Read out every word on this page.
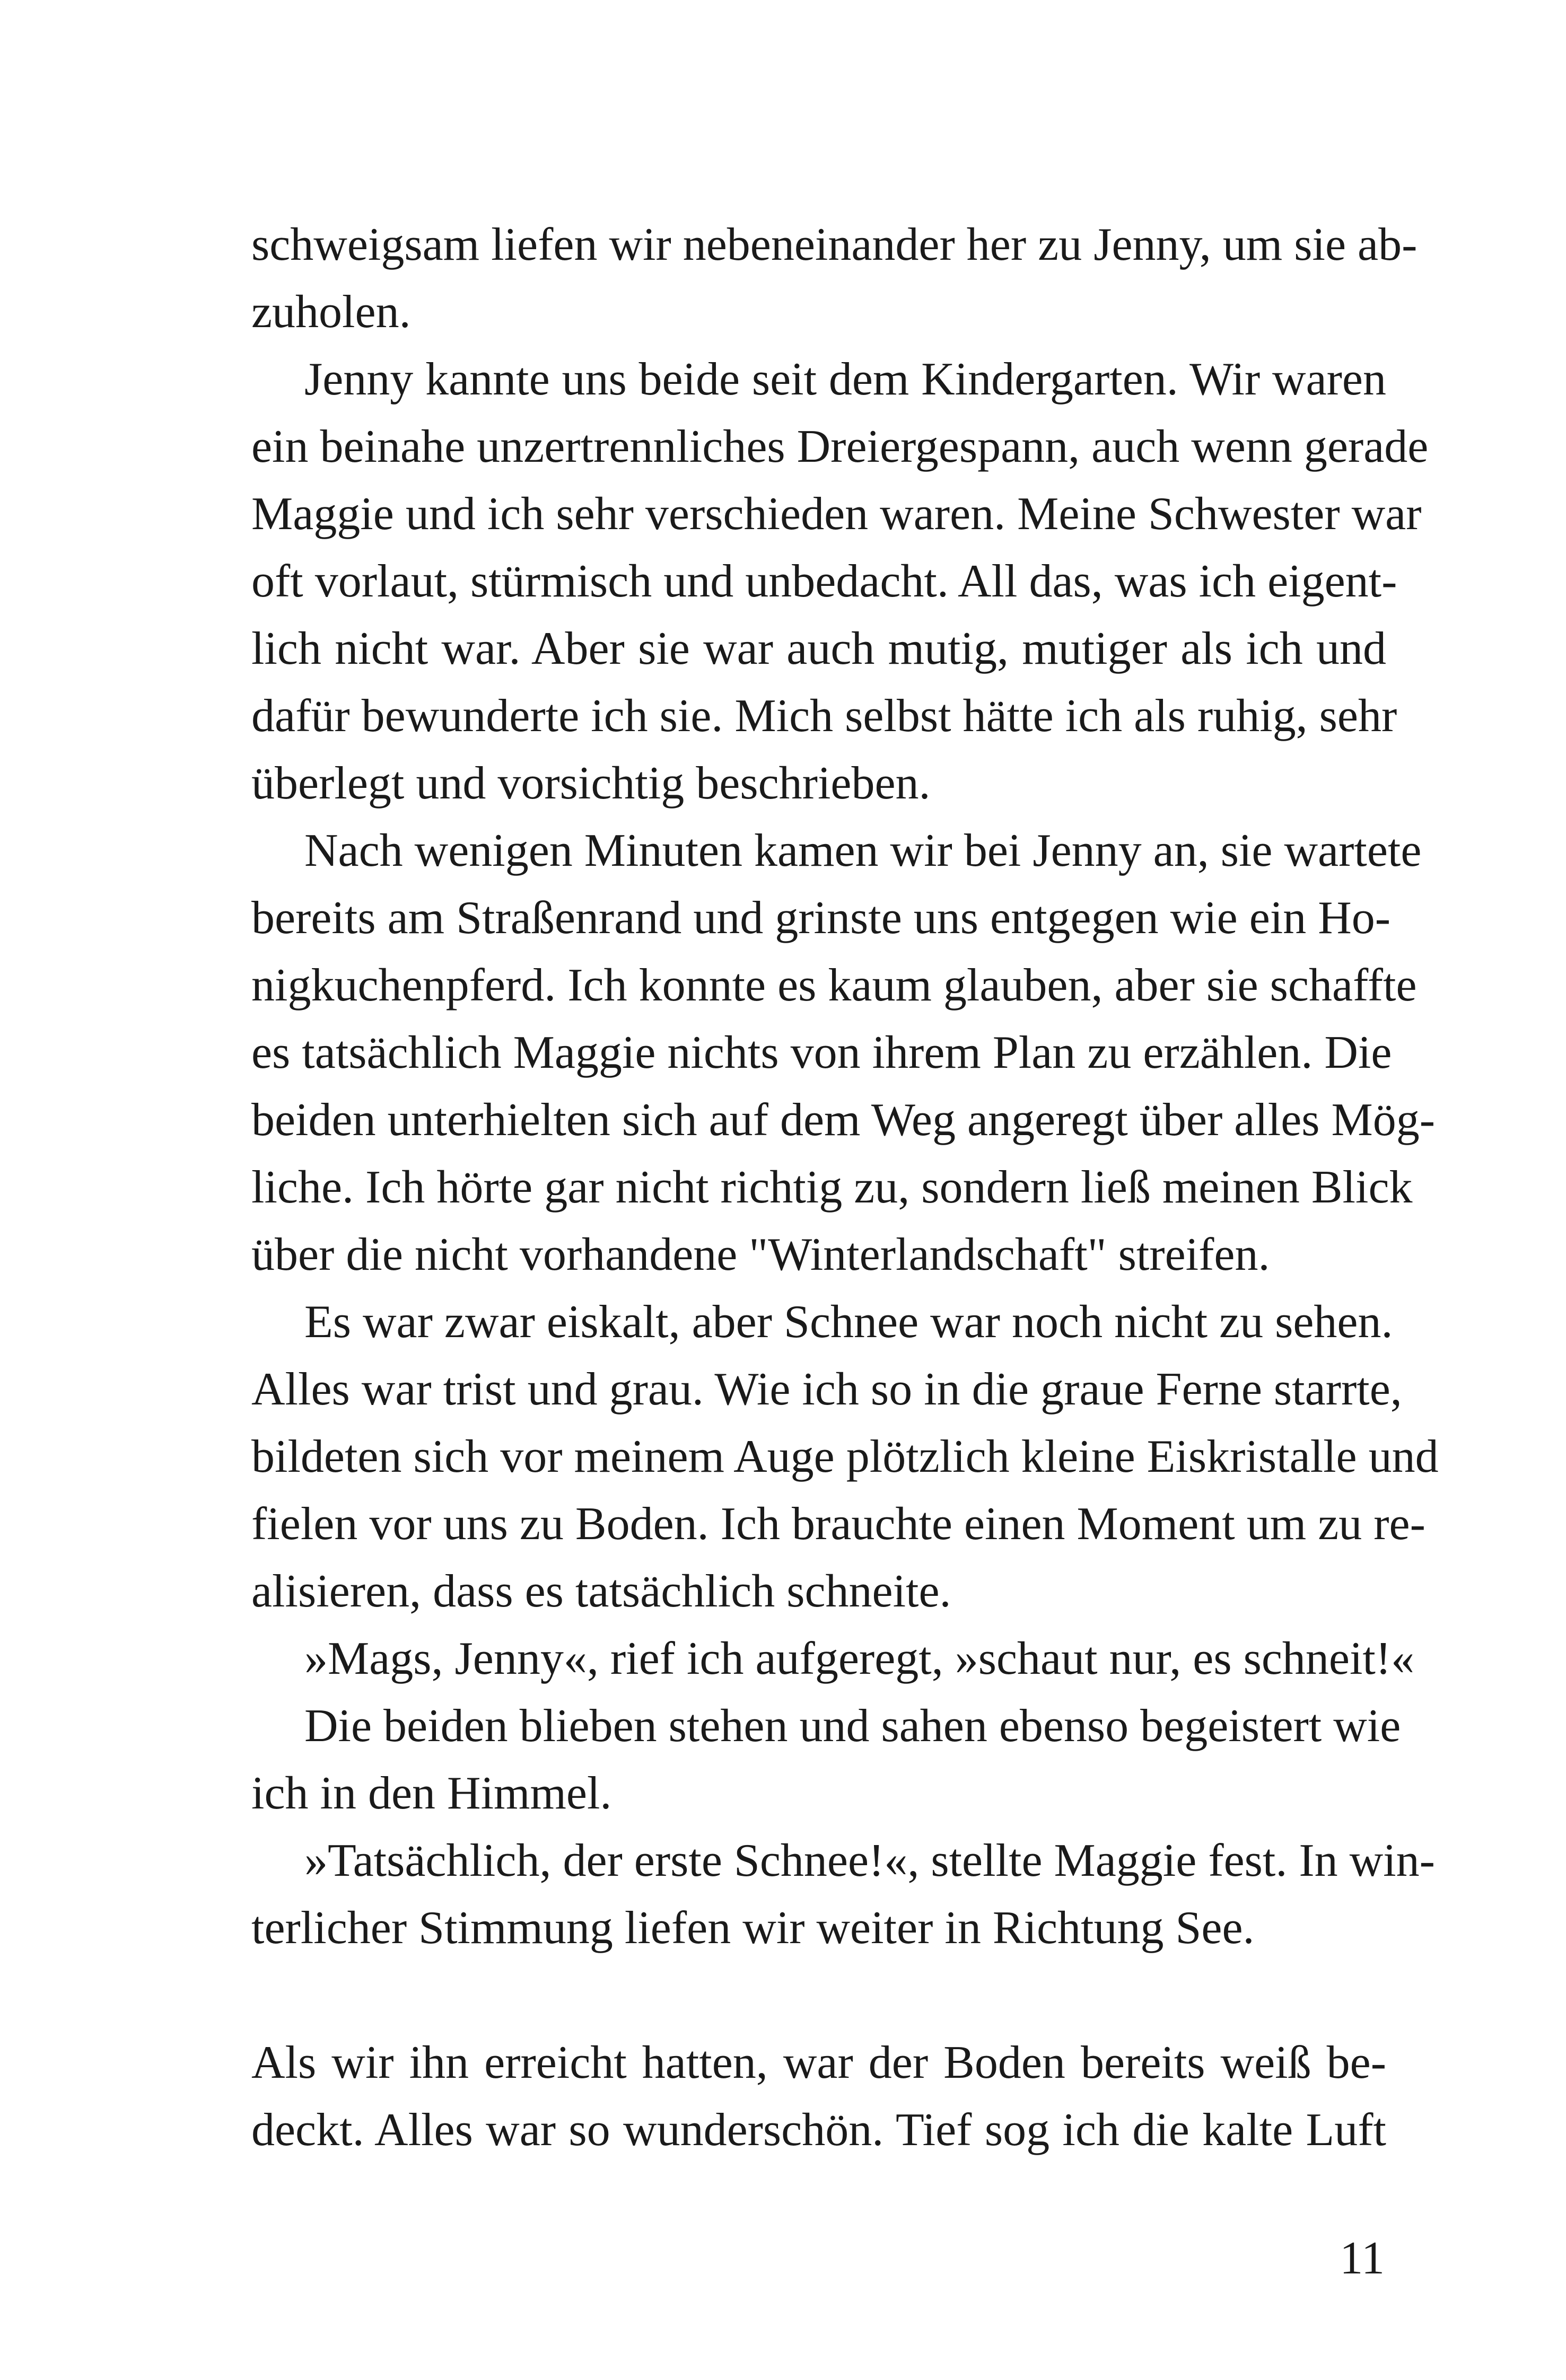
schweigsam liefen wir nebeneinander her zu Jenny, um sie ab-
zuholen.
Jenny kannte uns beide seit dem Kindergarten. Wir waren
ein beinahe unzertrennliches Dreiergespann, auch wenn gerade
Maggie und ich sehr verschieden waren. Meine Schwester war
oft vorlaut, stürmisch und unbedacht. All das, was ich eigent-
lich nicht war. Aber sie war auch mutig, mutiger als ich und
dafür bewunderte ich sie. Mich selbst hätte ich als ruhig, sehr
überlegt und vorsichtig beschrieben.
Nach wenigen Minuten kamen wir bei Jenny an, sie wartete
bereits am Straßenrand und grinste uns entgegen wie ein Ho-
nigkuchenpferd. Ich konnte es kaum glauben, aber sie schaffte
es tatsächlich Maggie nichts von ihrem Plan zu erzählen. Die
beiden unterhielten sich auf dem Weg angeregt über alles Mög-
liche. Ich hörte gar nicht richtig zu, sondern ließ meinen Blick
über die nicht vorhandene "Winterlandschaft" streifen.
Es war zwar eiskalt, aber Schnee war noch nicht zu sehen.
Alles war trist und grau. Wie ich so in die graue Ferne starrte,
bildeten sich vor meinem Auge plötzlich kleine Eiskristalle und
fielen vor uns zu Boden. Ich brauchte einen Moment um zu re-
alisieren, dass es tatsächlich schneite.
»Mags, Jenny«, rief ich aufgeregt, »schaut nur, es schneit!«
Die beiden blieben stehen und sahen ebenso begeistert wie
ich in den Himmel.
»Tatsächlich, der erste Schnee!«, stellte Maggie fest. In win-
terlicher Stimmung liefen wir weiter in Richtung See.
Als wir ihn erreicht hatten, war der Boden bereits weiß be-
deckt. Alles war so wunderschön. Tief sog ich die kalte Luft
11
